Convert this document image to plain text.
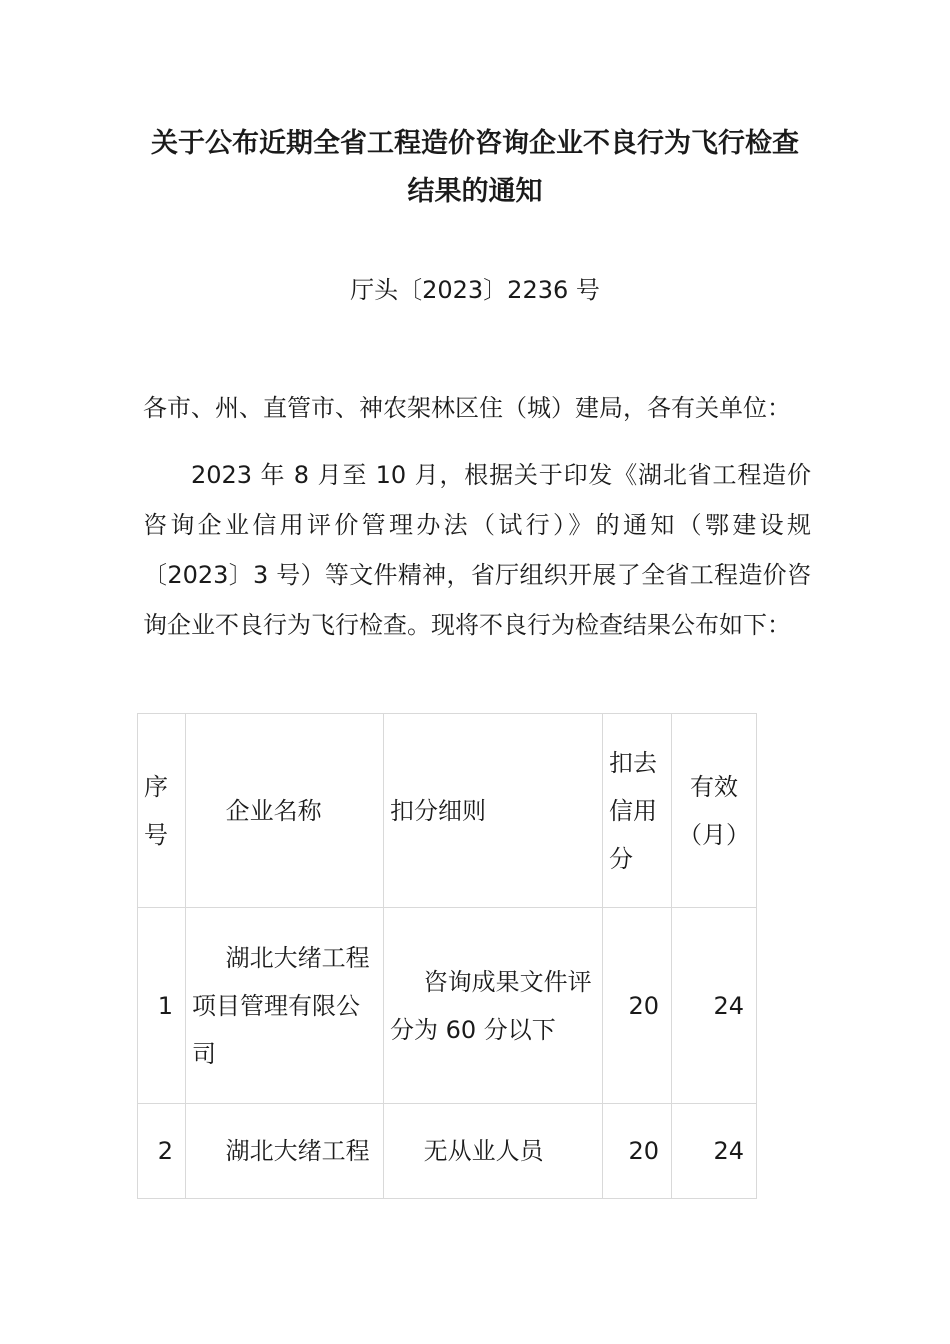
关于公布近期全省工程造价咨询企业不良行为飞行检查结果的通知
厅头〔2023〕2236 号
各市、州、直管市、神农架林区住（城）建局，各有关单位：

2023 年 8 月至 10 月，根据关于印发《湖北省工程造价咨询企业信用评价管理办法（试行）》的通知（鄂建设规〔2023〕3 号）等文件精神，省厅组织开展了全省工程造价咨询企业不良行为飞行检查。现将不良行为检查结果公布如下：

序号	企业名称	扣分细则	扣去信用分	有效（月）
1	湖北大绪工程项目管理有限公司	咨询成果文件评分为 60 分以下	20	24
2	湖北大绪工程	无从业人员	20	24
